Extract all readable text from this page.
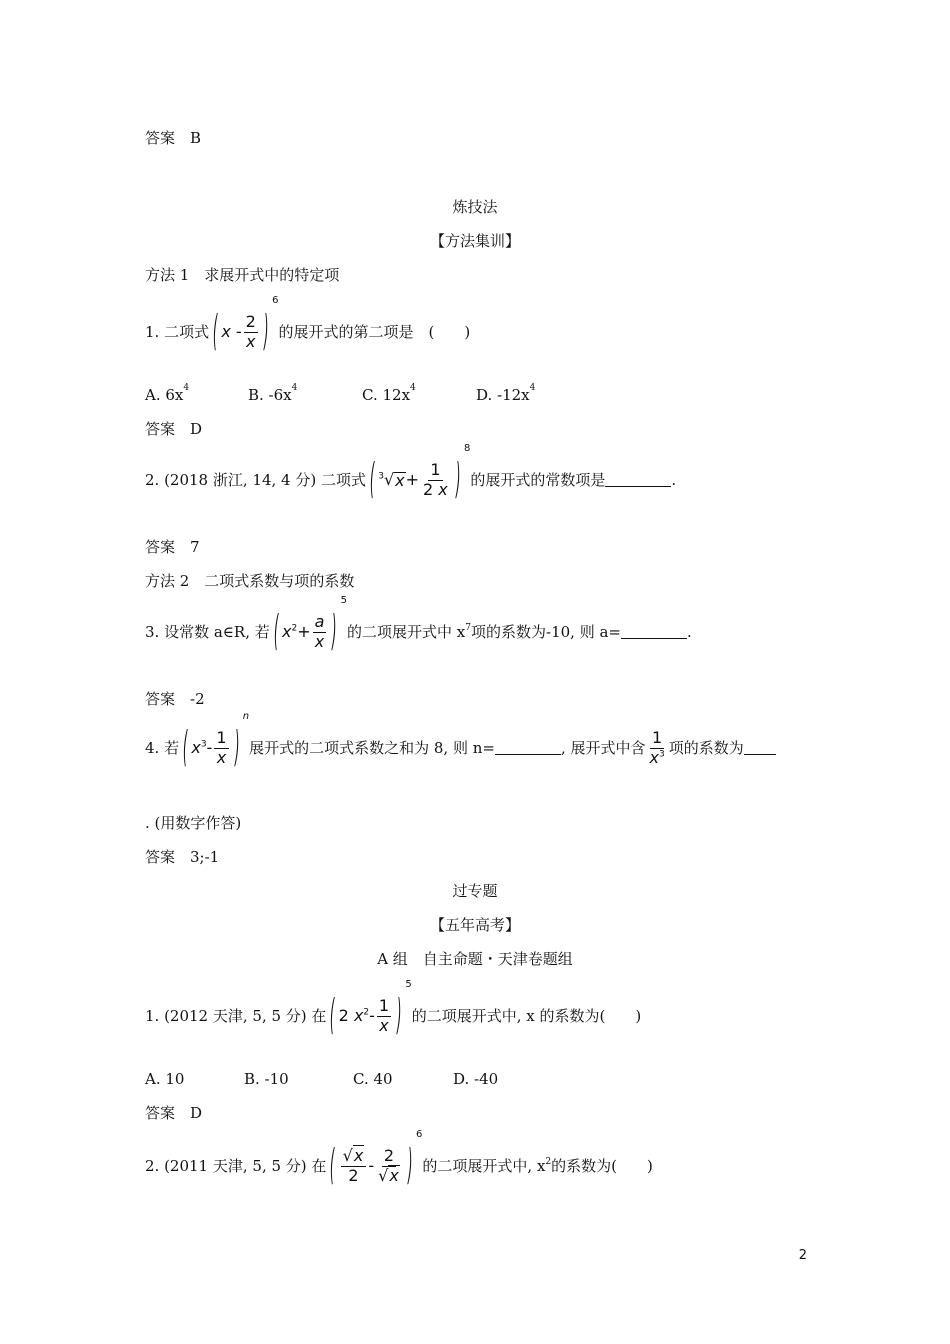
答案　B
炼技法
【方法集训】
方法 1　求展开式中的特定项
1. 二项式 ( x - $\frac{2}{x}$ )
6
的展开式的第二项是　(　　)
A. $6x^4$	B. $-6x^4$	C. $12x^4$	D. $-12x^4$
答案　D
2. (2018 浙江, 14, 4 分) 二项式 ( $^3$√ $x + \frac{1}{2 x}$ )
8
的展开式的常数项是	.
答案　7
方法 2　二项式系数与项的系数
3. 设常数 a∈R, 若 ( $x^2 + \frac{a}{x}$ )
5
的二项展开式中 $x^7$ 项的系数为-10, 则 a=	.
答案　-2
4. 若 ( $x^3 - \frac{1}{x}$ )
n
展开式的二项式系数之和为 8, 则 n=	, 展开式中含 $\frac{1}{x^3}$ 项的系数为
. (用数字作答)
答案　3;-1
过专题
【五年高考】
A 组　自主命题・天津卷题组
1. (2012 天津, 5, 5 分) 在 ( 2 $x^2 - \frac{1}{x}$ )
5
的二项展开式中, x 的系数为(　　)
A. 10	B. -10	C. 40	D. -40
答案　D
2. (2011 天津, 5, 5 分) 在 ( $\frac{√x}{2} - \frac{2}{√x}$ )
6
的二项展开式中, $x^2$ 的系数为(　　)
2
